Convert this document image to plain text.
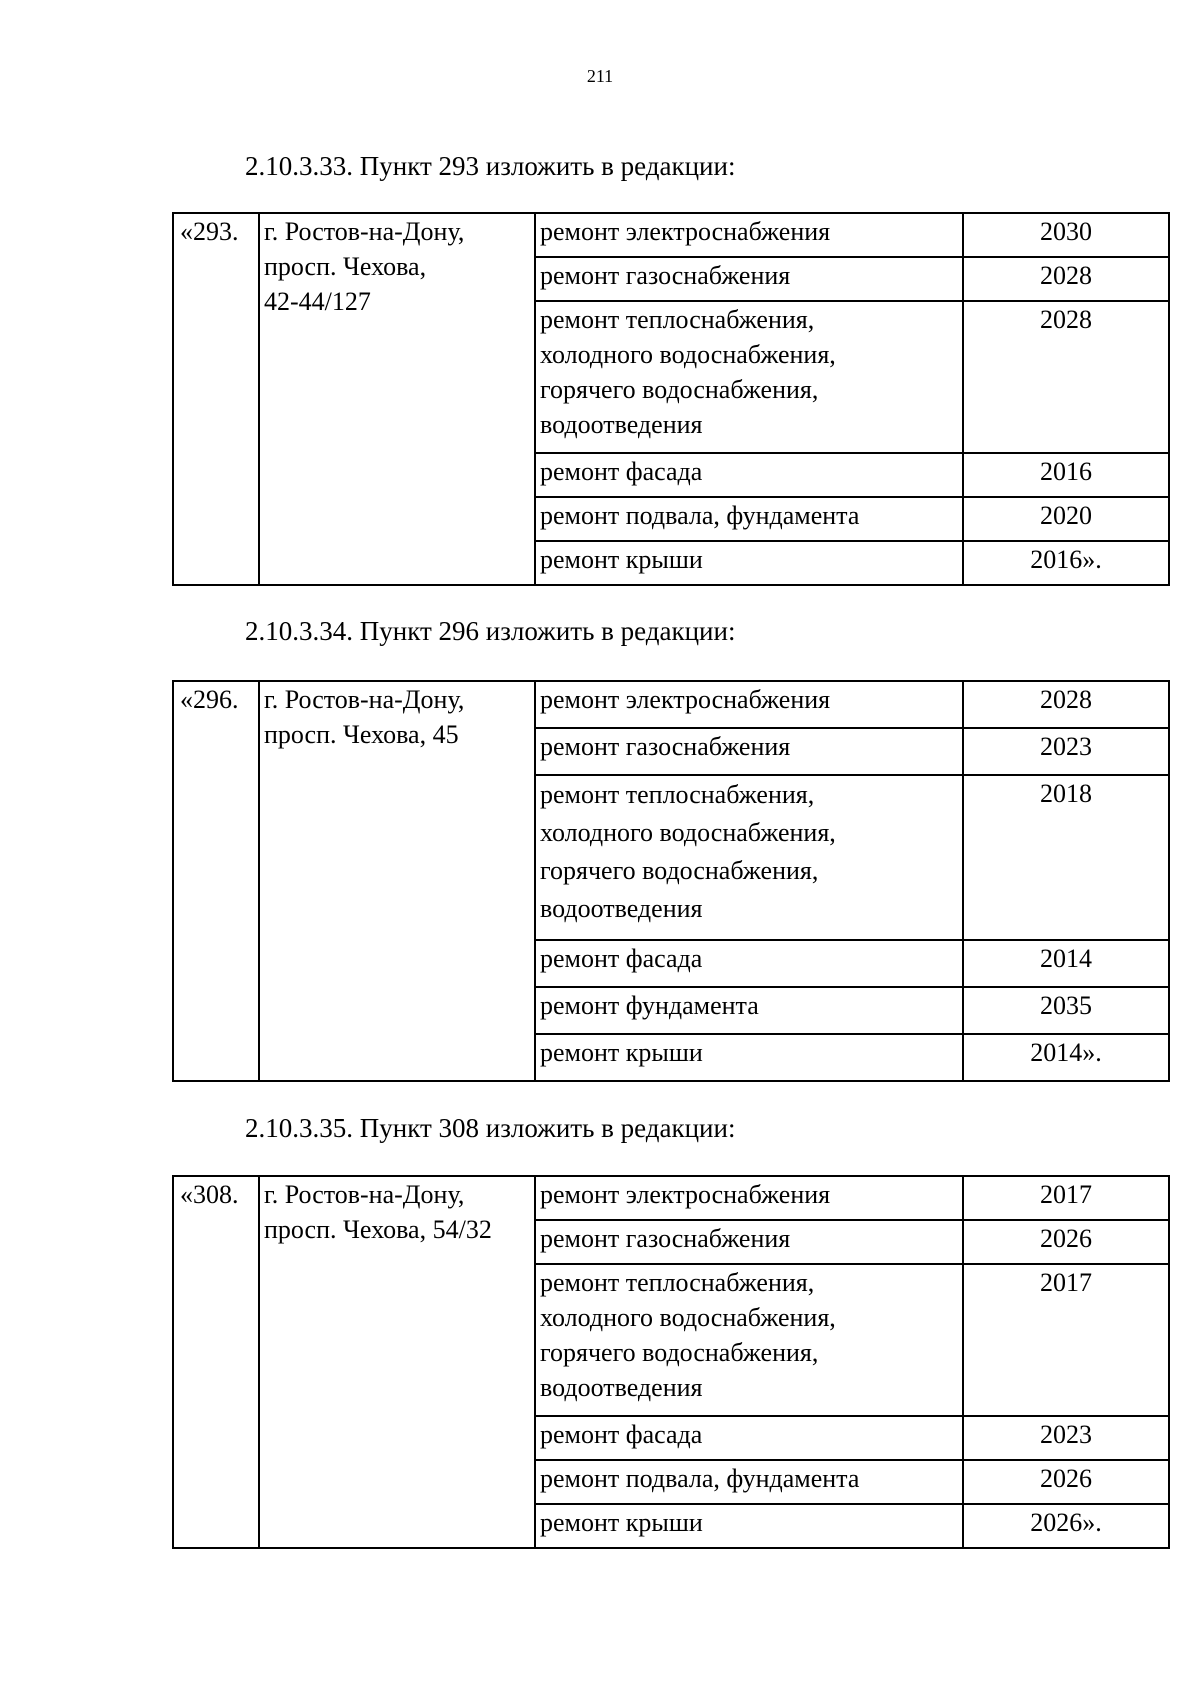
211
2.10.3.33. Пункт 293 изложить в редакции:
«293.	г. Ростов-на-Дону,
просп. Чехова,
42-44/127	ремонт электроснабжения	2030

		ремонт газоснабжения	2028

		ремонт теплоснабжения,
холодного водоснабжения,
горячего водоснабжения,
водоотведения	2028

		ремонт фасада	2016

		ремонт подвала, фундамента	2020

		ремонт крыши	2016».
2.10.3.34. Пункт 296 изложить в редакции:
«296.	г. Ростов-на-Дону,
просп. Чехова, 45	ремонт электроснабжения	2028

		ремонт газоснабжения	2023

		ремонт теплоснабжения,
холодного водоснабжения,
горячего водоснабжения,
водоотведения	2018

		ремонт фасада	2014

		ремонт фундамента	2035

		ремонт крыши	2014».
2.10.3.35. Пункт 308 изложить в редакции:
«308.	г. Ростов-на-Дону,
просп. Чехова, 54/32	ремонт электроснабжения	2017

		ремонт газоснабжения	2026

		ремонт теплоснабжения,
холодного водоснабжения,
горячего водоснабжения,
водоотведения	2017

		ремонт фасада	2023

		ремонт подвала, фундамента	2026

		ремонт крыши	2026».
